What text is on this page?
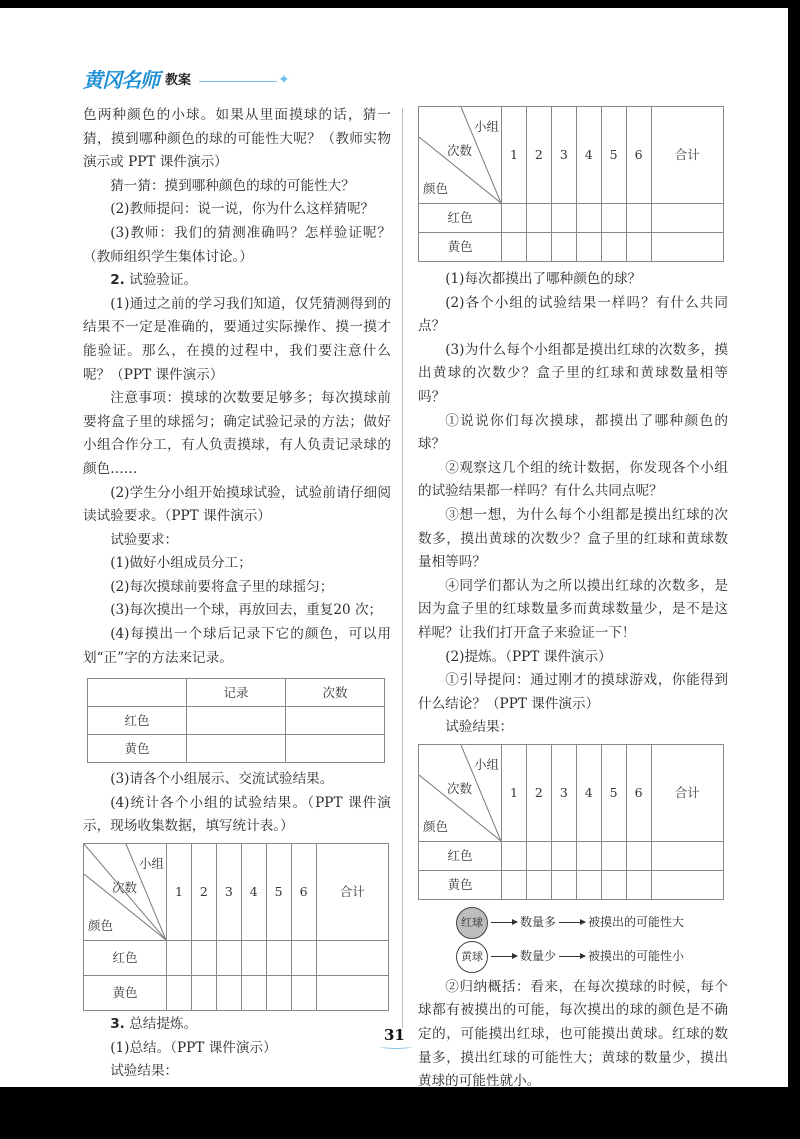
黄冈名师 教案	✦

色两种颜色的小球。如果从里面摸球的话，猜一猜，摸到哪种颜色的球的可能性大呢？（教师实物演示或 PPT 课件演示）

猜一猜：摸到哪种颜色的球的可能性大？

(2)教师提问：说一说，你为什么这样猜呢？

(3)教师：我们的猜测准确吗？怎样验证呢？（教师组织学生集体讨论。）

2. 试验验证。

(1)通过之前的学习我们知道，仅凭猜测得到的结果不一定是准确的，要通过实际操作、摸一摸才能验证。那么，在摸的过程中，我们要注意什么呢？（PPT 课件演示）

注意事项：摸球的次数要足够多；每次摸球前要将盒子里的球摇匀；确定试验记录的方法；做好小组合作分工，有人负责摸球，有人负责记录球的颜色……

(2)学生分小组开始摸球试验，试验前请仔细阅读试验要求。（PPT 课件演示）

试验要求：

(1)做好小组成员分工；

(2)每次摸球前要将盒子里的球摇匀；

(3)每次摸出一个球，再放回去，重复20 次；

(4)每摸出一个球后记录下它的颜色，可以用划“正”字的方法来记录。

	记录	次数
红色		
黄色		

(3)请各个小组展示、交流试验结果。

(4)统计各个小组的试验结果。（PPT 课件演示，现场收集数据，填写统计表。）

小组
次数
颜色	1	2	3	4	5	6	合计
红色							
黄色							

3. 总结提炼。

(1)总结。（PPT 课件演示）

试验结果：

小组
次数
颜色	1	2	3	4	5	6	合计
红色							
黄色							

(1)每次都摸出了哪种颜色的球？

(2)各个小组的试验结果一样吗？有什么共同点？

(3)为什么每个小组都是摸出红球的次数多，摸出黄球的次数少？盒子里的红球和黄球数量相等吗？

①说说你们每次摸球，都摸出了哪种颜色的球？

②观察这几个组的统计数据，你发现各个小组的试验结果都一样吗？有什么共同点呢？

③想一想，为什么每个小组都是摸出红球的次数多，摸出黄球的次数少？盒子里的红球和黄球数量相等吗？

④同学们都认为之所以摸出红球的次数多，是因为盒子里的红球数量多而黄球数量少，是不是这样呢？让我们打开盒子来验证一下！

(2)提炼。（PPT 课件演示）

①引导提问：通过刚才的摸球游戏，你能得到什么结论？（PPT 课件演示）

试验结果：

小组
次数
颜色	1	2	3	4	5	6	合计
红色							
黄色							
红球	数量多	被摸出的可能性大
黄球	数量少	被摸出的可能性小

②归纳概括：看来，在每次摸球的时候，每个球都有被摸出的可能，每次摸出的球的颜色是不确定的，可能摸出红球，也可能摸出黄球。红球的数量多，摸出红球的可能性大；黄球的数量少，摸出黄球的可能性就小。

31
